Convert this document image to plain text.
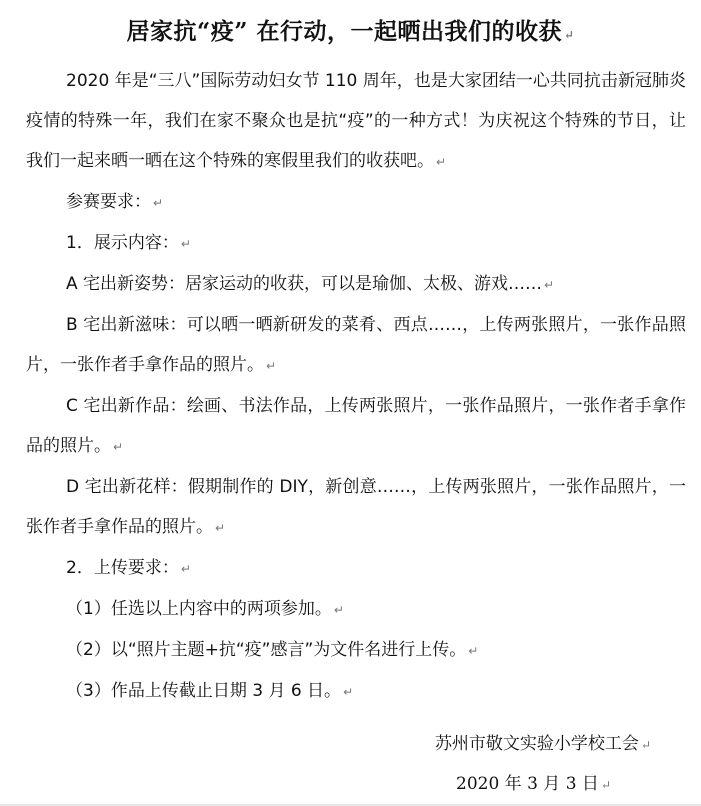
居家抗“疫” 在行动，一起晒出我们的收获 ↵

2020 年是“三八”国际劳动妇女节 110 周年，也是大家团结一心共同抗击新冠肺炎疫情的特殊一年，我们在家不聚众也是抗“疫”的一种方式！为庆祝这个特殊的节日，让我们一起来晒一晒在这个特殊的寒假里我们的收获吧。 ↵

参赛要求： ↵

1．展示内容： ↵

A 宅出新姿势：居家运动的收获，可以是瑜伽、太极、游戏…… ↵

B 宅出新滋味：可以晒一晒新研发的菜肴、西点……，上传两张照片，一张作品照片，一张作者手拿作品的照片。 ↵

C 宅出新作品：绘画、书法作品，上传两张照片，一张作品照片，一张作者手拿作品的照片。 ↵

D 宅出新花样：假期制作的 DIY，新创意……，上传两张照片，一张作品照片，一张作者手拿作品的照片。 ↵

2．上传要求： ↵

（1）任选以上内容中的两项参加。 ↵

（2）以“照片主题+抗“疫”感言”为文件名进行上传。 ↵

（3）作品上传截止日期 3 月 6 日。 ↵

苏州市敬文实验小学校工会 ↵
2020 年 3 月 3 日 ↵
